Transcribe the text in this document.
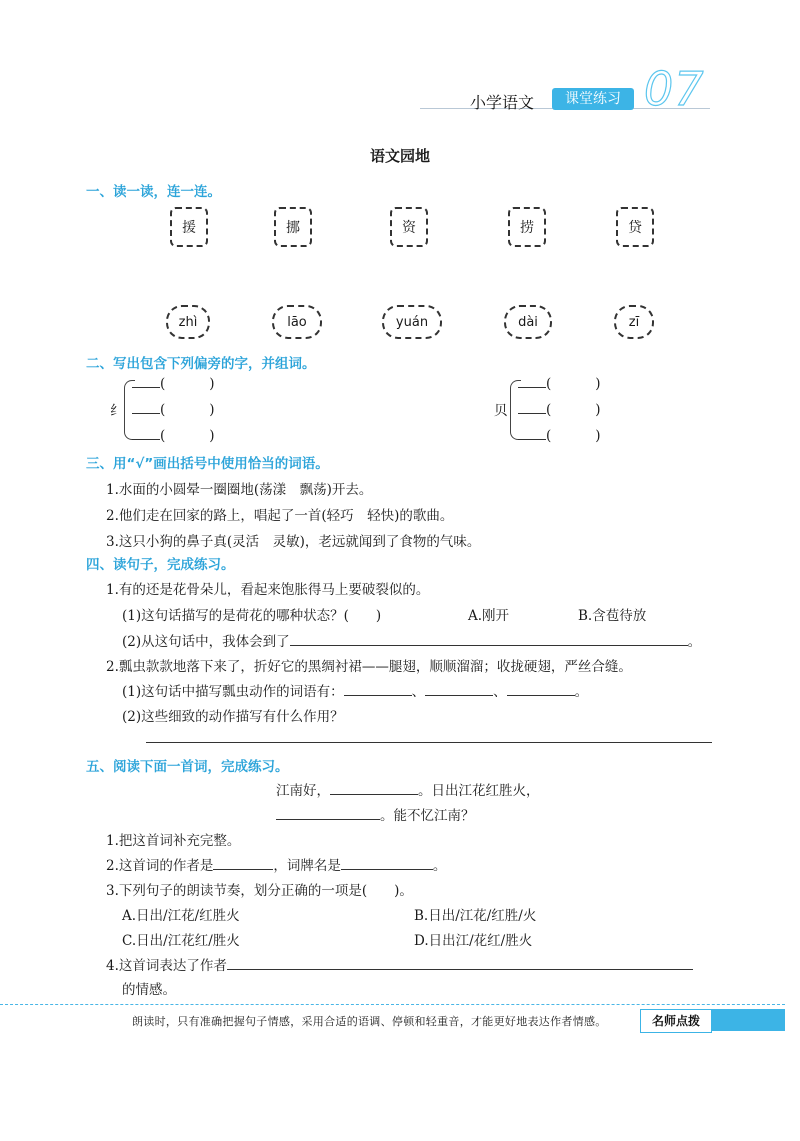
小学语文	课堂练习 07
语文园地
一、读一读，连一连。
援	挪	资	捞	贷
zhì	lāo	yuán	dài	zī
二、写出包含下列偏旁的字，并组词。
纟
(	)
(	)
(	)
贝
(	)
(	)
(	)
三、用“√”画出括号中使用恰当的词语。
1.水面的小圆晕一圈圈地(荡漾　飘荡)开去。
2.他们走在回家的路上，唱起了一首(轻巧　轻快)的歌曲。
3.这只小狗的鼻子真(灵活　灵敏)，老远就闻到了食物的气味。
四、读句子，完成练习。
1.有的还是花骨朵儿，看起来饱胀得马上要破裂似的。
(1)这句话描写的是荷花的哪种状态？(　　)	A.刚开	B.含苞待放
(2)从这句话中，我体会到了	。
2.瓢虫款款地落下来了，折好它的黑绸衬裙——腿翅，顺顺溜溜；收拢硬翅，严丝合缝。
(1)这句话中描写瓢虫动作的词语有：	、	、	。
(2)这些细致的动作描写有什么作用？
五、阅读下面一首词，完成练习。
江南好，	。日出江花红胜火，
。能不忆江南？
1.把这首词补充完整。
2.这首词的作者是	，词牌名是	。
3.下列句子的朗读节奏，划分正确的一项是(　　)。
A.日出/江花/红胜火	B.日出/江花/红胜/火
C.日出/江花红/胜火	D.日出江/花红/胜火
4.这首词表达了作者
的情感。
朗读时，只有准确把握句子情感，采用合适的语调、停顿和轻重音，才能更好地表达作者情感。	名师点拨
